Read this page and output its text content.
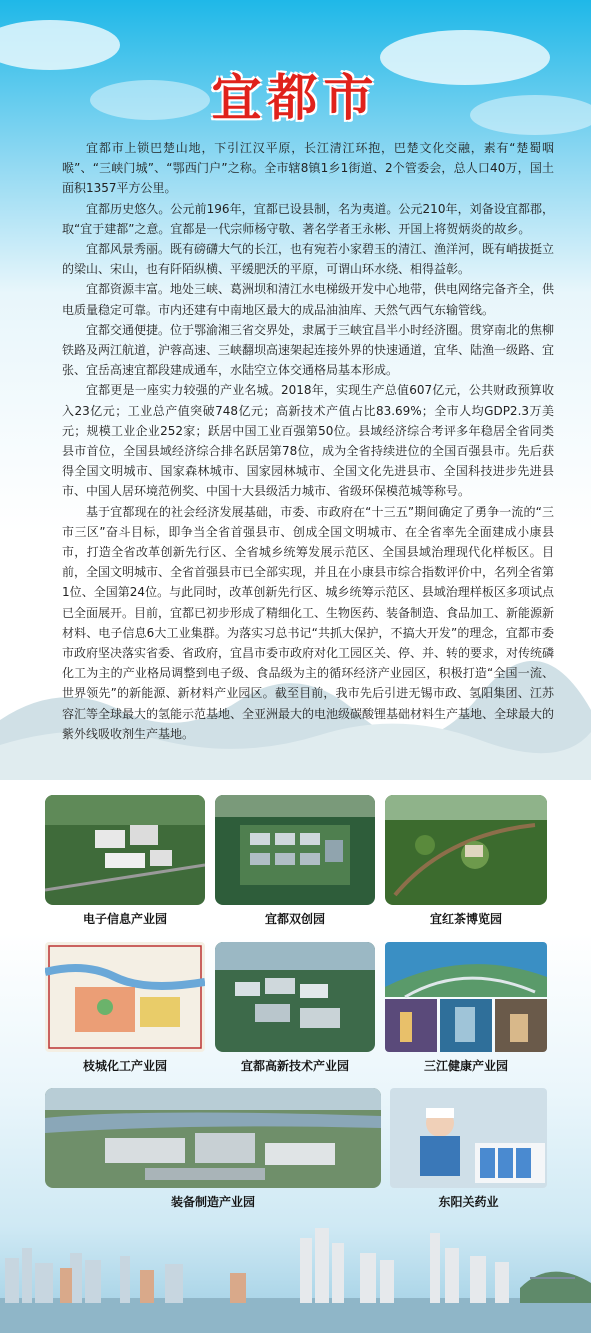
宜都市

宜都市上锁巴楚山地，下引江汉平原，长江清江环抱，巴楚文化交融，素有“楚蜀咽喉”、“三峡门城”、“鄂西门户”之称。全市辖8镇1乡1街道、2个管委会，总人口40万，国土面积1357平方公里。

宜都历史悠久。公元前196年，宜都已设县制，名为夷道。公元210年，刘备设宜都郡，取“宜于建都”之意。宜都是一代宗师杨守敬、著名学者王永彬、开国上将贺炳炎的故乡。

宜都风景秀丽。既有磅礴大气的长江，也有宛若小家碧玉的清江、渔洋河，既有峭拔挺立的梁山、宋山，也有阡陌纵横、平缓肥沃的平原，可谓山环水绕、相得益彰。

宜都资源丰富。地处三峡、葛洲坝和清江水电梯级开发中心地带，供电网络完备齐全，供电质量稳定可靠。市内还建有中南地区最大的成品油油库、天然气西气东输管线。

宜都交通便捷。位于鄂渝湘三省交界处，隶属于三峡宜昌半小时经济圈。贯穿南北的焦柳铁路及两江航道，沪蓉高速、三峡翻坝高速架起连接外界的快速通道，宜华、陆渔一级路、宜张、宜岳高速宜都段建成通车，水陆空立体交通格局基本形成。

宜都更是一座实力较强的产业名城。2018年，实现生产总值607亿元，公共财政预算收入23亿元；工业总产值突破748亿元；高新技术产值占比83.69%；全市人均GDP2.3万美元；规模工业企业252家；跃居中国工业百强第50位。县域经济综合考评多年稳居全省同类县市首位，全国县域经济综合排名跃居第78位，成为全省持续进位的全国百强县市。先后获得全国文明城市、国家森林城市、国家园林城市、全国文化先进县市、全国科技进步先进县市、中国人居环境范例奖、中国十大县级活力城市、省级环保模范城等称号。

基于宜都现在的社会经济发展基础，市委、市政府在“十三五”期间确定了勇争一流的“三市三区”奋斗目标，即争当全省首强县市、创成全国文明城市、在全省率先全面建成小康县市，打造全省改革创新先行区、全省城乡统筹发展示范区、全国县域治理现代化样板区。目前，全国文明城市、全省首强县市已全部实现，并且在小康县市综合指数评价中，名列全省第1位、全国第24位。与此同时，改革创新先行区、城乡统筹示范区、县域治理样板区多项试点已全面展开。目前，宜都已初步形成了精细化工、生物医药、装备制造、食品加工、新能源新材料、电子信息6大工业集群。为落实习总书记“共抓大保护，不搞大开发”的理念，宜都市委市政府坚决落实省委、省政府，宜昌市委市政府对化工园区关、停、并、转的要求，对传统磷化工为主的产业格局调整到电子级、食品级为主的循环经济产业园区，积极打造“全国一流、世界领先”的新能源、新材料产业园区。截至目前，我市先后引进无锡市政、氢阳集团、江苏容汇等全球最大的氢能示范基地、全亚洲最大的电池级碳酸锂基础材料生产基地、全球最大的紫外线吸收剂生产基地。

电子信息产业园	宜都双创园	宜红茶博览园
枝城化工产业园	宜都高新技术产业园	三江健康产业园
装备制造产业园	东阳关药业
